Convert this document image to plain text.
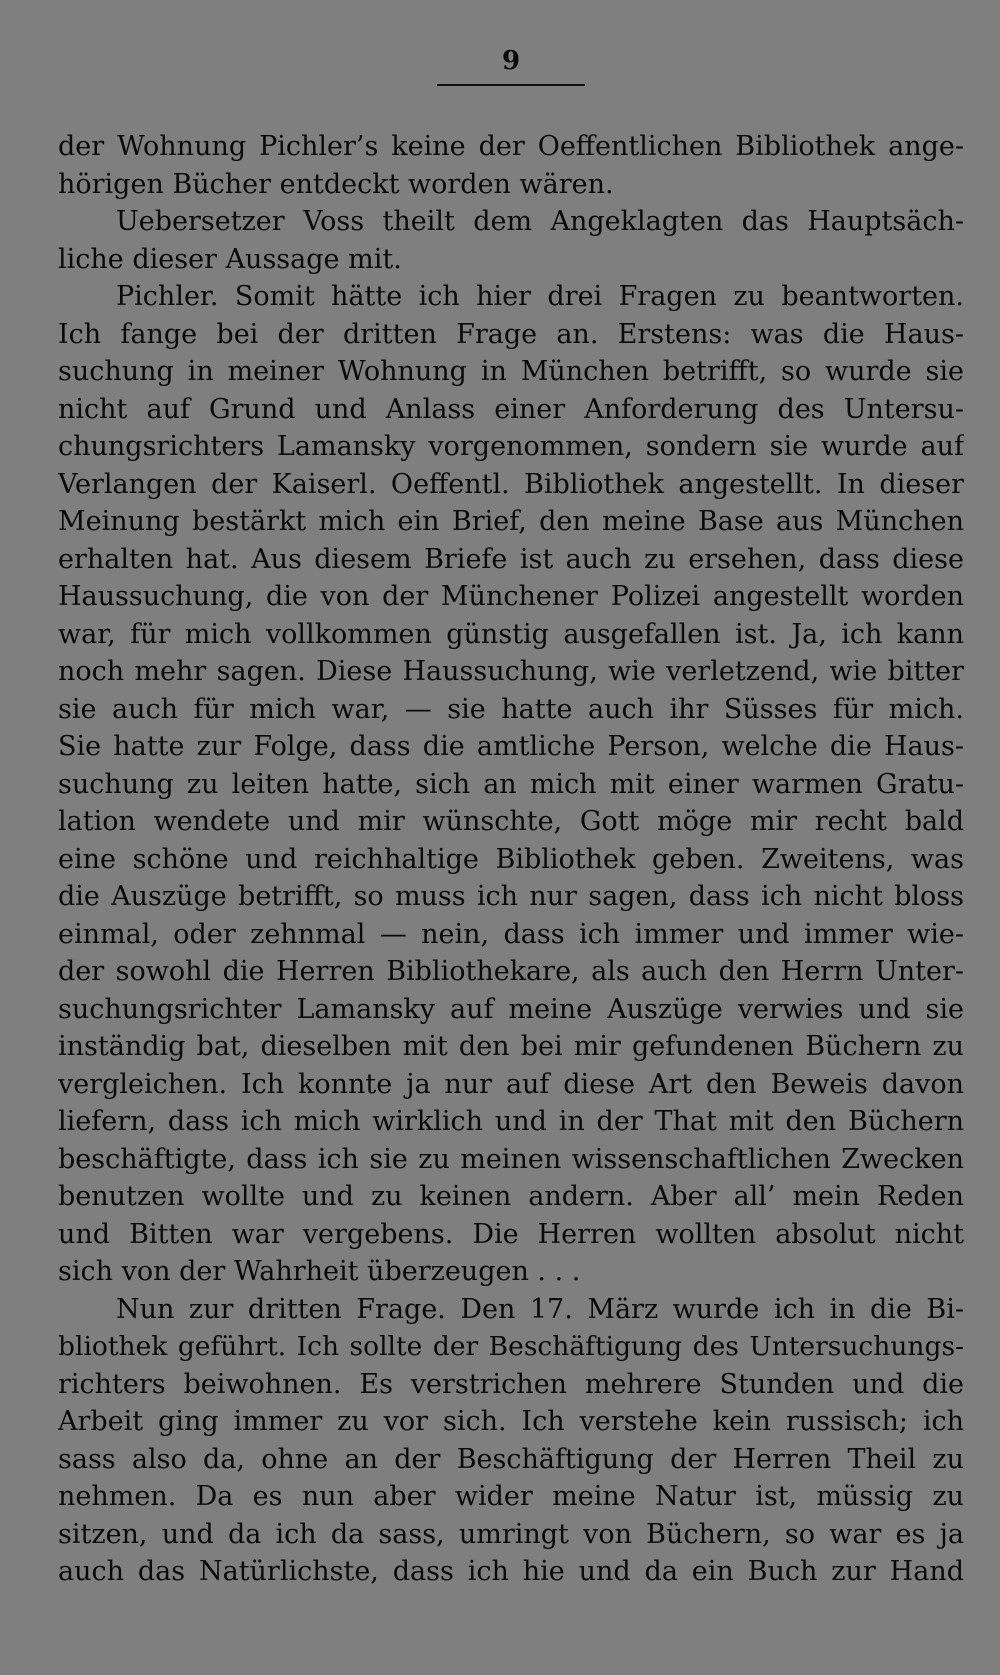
9
der Wohnung Pichler’s keine der Oeffentlichen Bibliothek ange-
hörigen Bücher entdeckt worden wären.
Uebersetzer Voss theilt dem Angeklagten das Hauptsäch-
liche dieser Aussage mit.
Pichler. Somit hätte ich hier drei Fragen zu beantworten.
Ich fange bei der dritten Frage an. Erstens: was die Haus-
suchung in meiner Wohnung in München betrifft, so wurde sie
nicht auf Grund und Anlass einer Anforderung des Untersu-
chungsrichters Lamansky vorgenommen, sondern sie wurde auf
Verlangen der Kaiserl. Oeffentl. Bibliothek angestellt. In dieser
Meinung bestärkt mich ein Brief, den meine Base aus München
erhalten hat. Aus diesem Briefe ist auch zu ersehen, dass diese
Haussuchung, die von der Münchener Polizei angestellt worden
war, für mich vollkommen günstig ausgefallen ist. Ja, ich kann
noch mehr sagen. Diese Haussuchung, wie verletzend, wie bitter
sie auch für mich war, — sie hatte auch ihr Süsses für mich.
Sie hatte zur Folge, dass die amtliche Person, welche die Haus-
suchung zu leiten hatte, sich an mich mit einer warmen Gratu-
lation wendete und mir wünschte, Gott möge mir recht bald
eine schöne und reichhaltige Bibliothek geben. Zweitens, was
die Auszüge betrifft, so muss ich nur sagen, dass ich nicht bloss
einmal, oder zehnmal — nein, dass ich immer und immer wie-
der sowohl die Herren Bibliothekare, als auch den Herrn Unter-
suchungsrichter Lamansky auf meine Auszüge verwies und sie
inständig bat, dieselben mit den bei mir gefundenen Büchern zu
vergleichen. Ich konnte ja nur auf diese Art den Beweis davon
liefern, dass ich mich wirklich und in der That mit den Büchern
beschäftigte, dass ich sie zu meinen wissenschaftlichen Zwecken
benutzen wollte und zu keinen andern. Aber all’ mein Reden
und Bitten war vergebens. Die Herren wollten absolut nicht
sich von der Wahrheit überzeugen . . .
Nun zur dritten Frage. Den 17. März wurde ich in die Bi-
bliothek geführt. Ich sollte der Beschäftigung des Untersuchungs-
richters beiwohnen. Es verstrichen mehrere Stunden und die
Arbeit ging immer zu vor sich. Ich verstehe kein russisch; ich
sass also da, ohne an der Beschäftigung der Herren Theil zu
nehmen. Da es nun aber wider meine Natur ist, müssig zu
sitzen, und da ich da sass, umringt von Büchern, so war es ja
auch das Natürlichste, dass ich hie und da ein Buch zur Hand
